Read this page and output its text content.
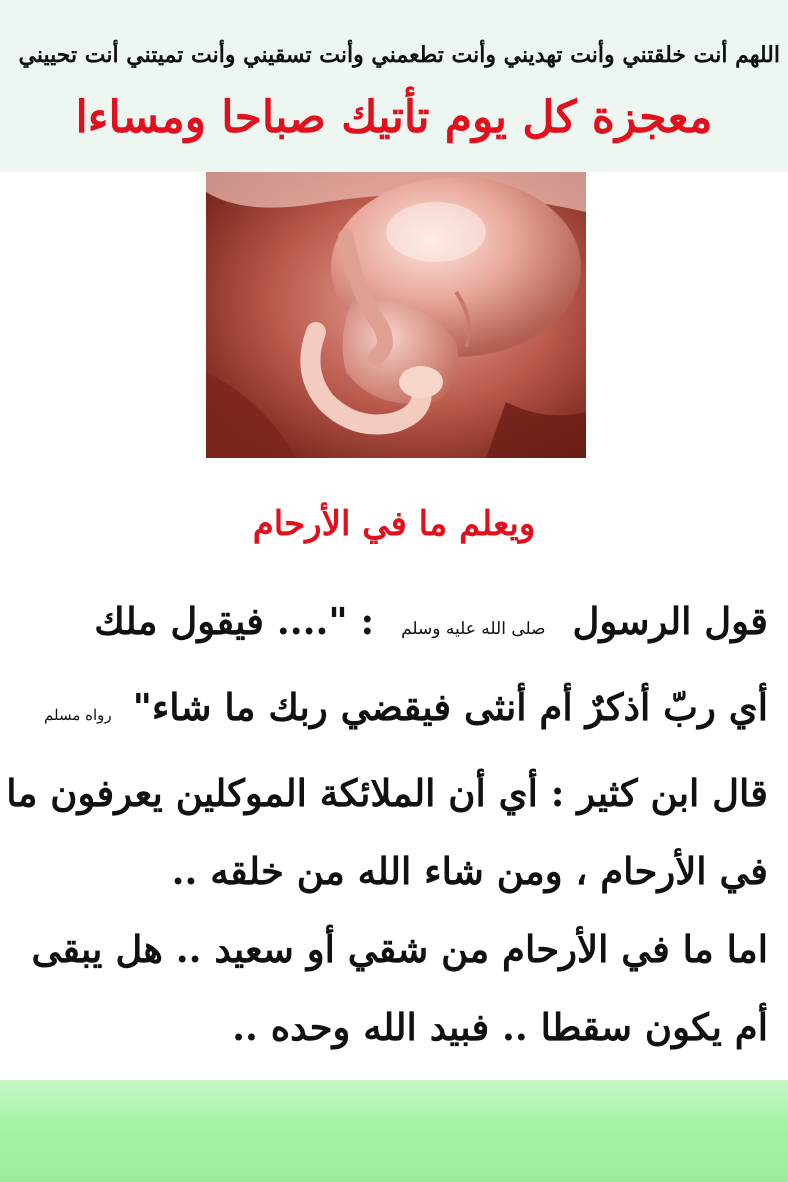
اللهم أنت خلقتني وأنت تهديني وأنت تطعمني وأنت تسقيني وأنت تميتني أنت تحييني
معجزة كل يوم تأتيك صباحا ومساءا
ويعلم ما في الأرحام
قول الرسول صلى الله عليه وسلم : ".... فيقول ملك
أي ربّ أذكرٌ أم أنثى فيقضي ربك ما شاء" رواه مسلم
قال ابن كثير : أي أن الملائكة الموكلين يعرفون ما
في الأرحام ، ومن شاء الله من خلقه ..
اما ما في الأرحام من شقي أو سعيد .. هل يبقى
أم يكون سقطا .. فبيد الله وحده ..
